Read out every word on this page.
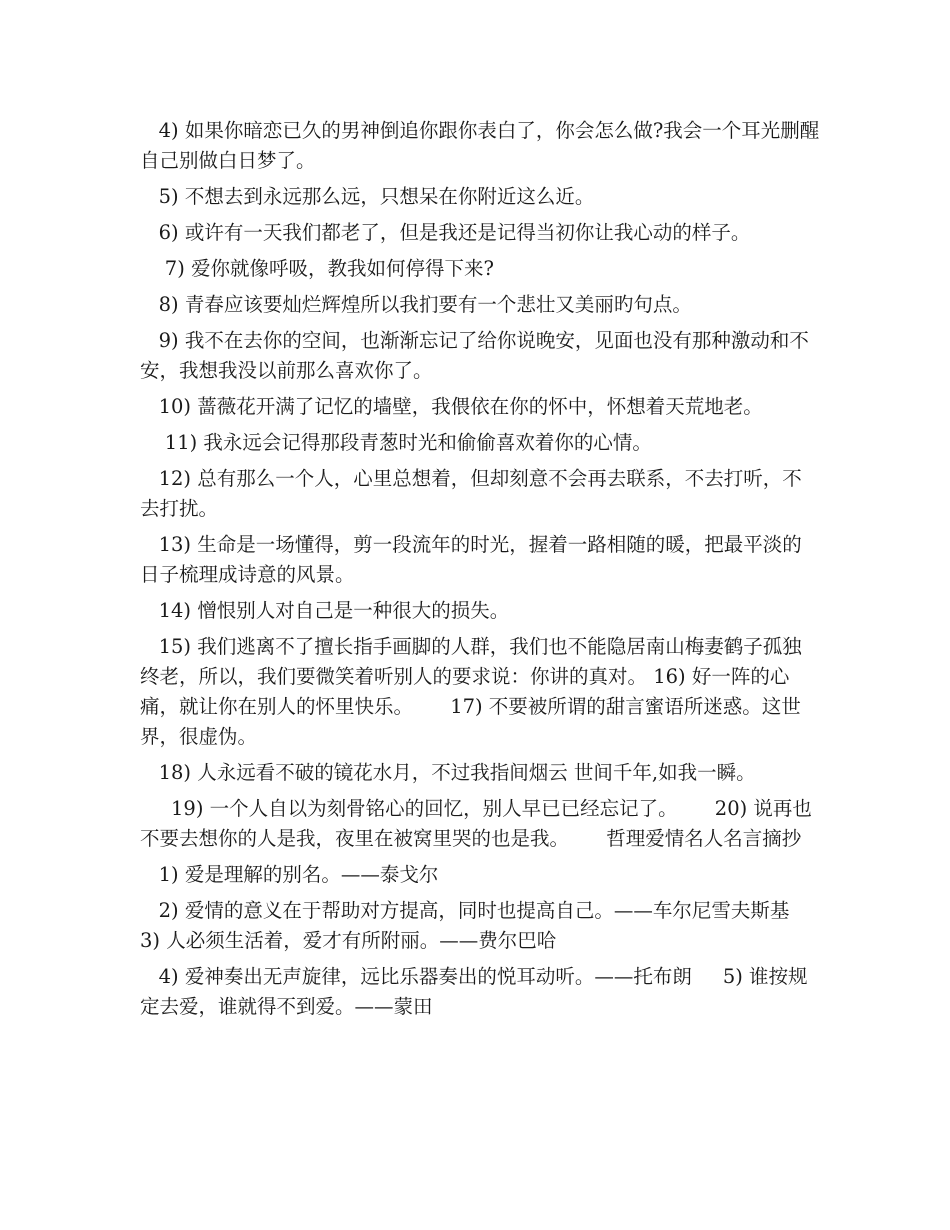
4) 如果你暗恋已久的男神倒追你跟你表白了，你会怎么做?我会一个耳光删醒自己别做白日梦了。

5) 不想去到永远那么远，只想呆在你附近这么近。

6) 或许有一天我们都老了，但是我还是记得当初你让我心动的样子。

7) 爱你就像呼吸，教我如何停得下来?

8) 青春应该要灿烂辉煌所以我扪要有一个悲壮又美丽旳句点。

9) 我不在去你的空间，也渐渐忘记了给你说晚安，见面也没有那种激动和不安，我想我没以前那么喜欢你了。

10) 蔷薇花开满了记忆的墙壁，我偎依在你的怀中，怀想着天荒地老。

11) 我永远会记得那段青葱时光和偷偷喜欢着你的心情。

12) 总有那么一个人，心里总想着，但却刻意不会再去联系，不去打听，不去打扰。

13) 生命是一场懂得，剪一段流年的时光，握着一路相随的暖，把最平淡的日子梳理成诗意的风景。

14) 憎恨别人对自己是一种很大的损失。

15) 我们逃离不了擅长指手画脚的人群，我们也不能隐居南山梅妻鹤子孤独终老，所以，我们要微笑着听别人的要求说：你讲的真对。 16) 好一阵的心痛，就让你在别人的怀里快乐。      17) 不要被所谓的甜言蜜语所迷惑。这世界，很虚伪。

18) 人永远看不破的镜花水月，不过我指间烟云 世间千年,如我一瞬。

19) 一个人自以为刻骨铭心的回忆，别人早已已经忘记了。      20) 说再也不要去想你的人是我，夜里在被窝里哭的也是我。      哲理爱情名人名言摘抄

1) 爱是理解的别名。——泰戈尔

2) 爱情的意义在于帮助对方提高，同时也提高自己。——车尔尼雪夫斯基     3) 人必须生活着，爱才有所附丽。——费尔巴哈

4) 爱神奏出无声旋律，远比乐器奏出的悦耳动听。——托布朗     5) 谁按规定去爱，谁就得不到爱。——蒙田
